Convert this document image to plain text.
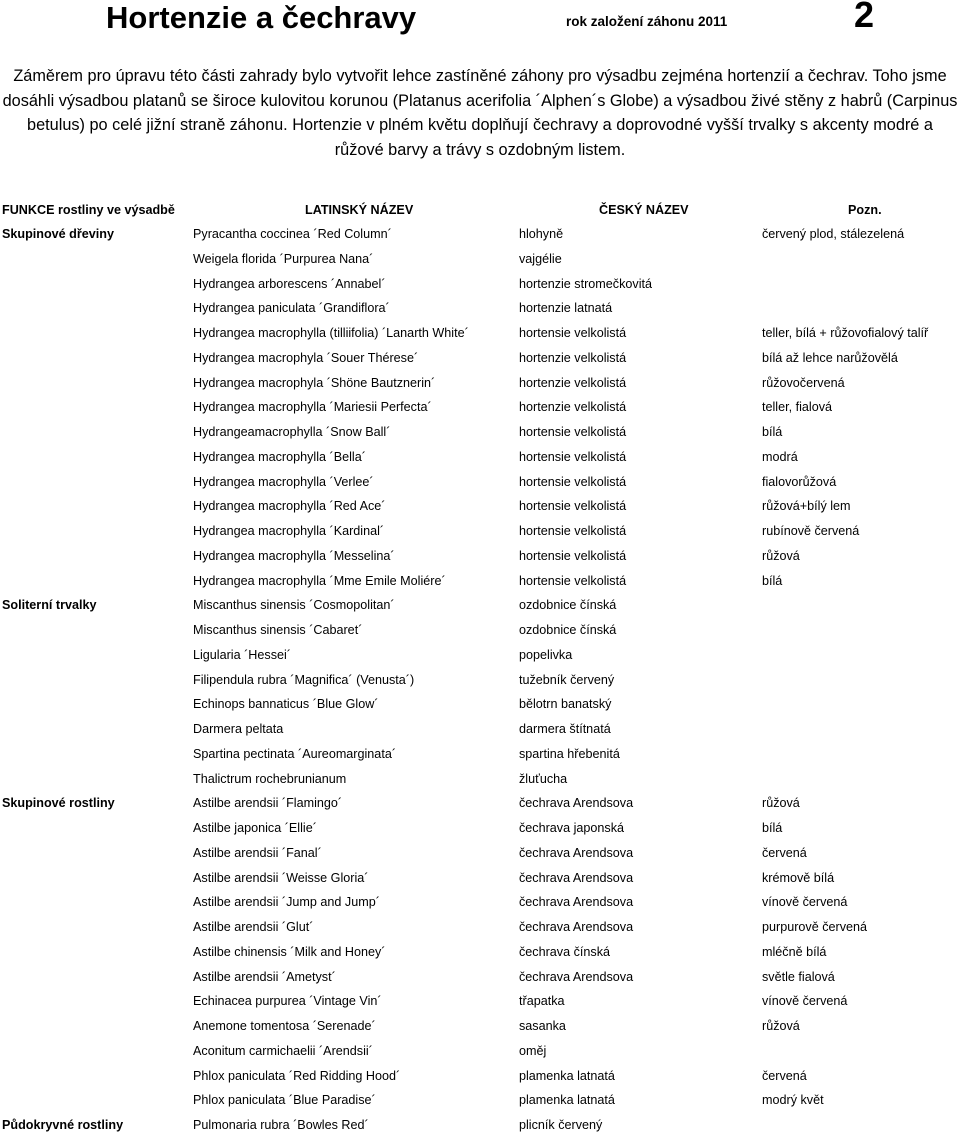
Hortenzie a čechravy	rok založení záhonu 2011	2
Záměrem pro úpravu této části zahrady bylo vytvořit lehce zastíněné záhony pro výsadbu zejména hortenzií a čechrav. Toho jsme
dosáhli výsadbou platanů se široce kulovitou korunou (Platanus acerifolia ´Alphen´s Globe) a výsadbou živé stěny z habrů (Carpinus
betulus) po celé jižní straně záhonu. Hortenzie v plném květu doplňují čechravy a doprovodné vyšší trvalky s akcenty modré a
růžové barvy a trávy s ozdobným listem.
FUNKCE rostliny ve výsadbě	LATINSKÝ NÁZEV	ČESKÝ NÁZEV	Pozn.
Skupinové dřeviny	Pyracantha coccinea ´Red Column´	hlohyně	červený plod, stálezelená
Weigela florida ´Purpurea Nana´	vajgélie
Hydrangea arborescens ´Annabel´	hortenzie stromečkovitá
Hydrangea paniculata ´Grandiflora´	hortenzie latnatá
Hydrangea macrophylla (tilliifolia) ´Lanarth White´	hortensie velkolistá	teller, bílá + růžovofialový talíř
Hydrangea macrophyla ´Souer Thérese´	hortenzie velkolistá	bílá až lehce narůžovělá
Hydrangea macrophyla ´Shöne Bautznerin´	hortenzie velkolistá	růžovočervená
Hydrangea macrophylla ´Mariesii Perfecta´	hortenzie velkolistá	teller, fialová
Hydrangeamacrophylla ´Snow Ball´	hortensie velkolistá	bílá
Hydrangea macrophylla ´Bella´	hortensie velkolistá	modrá
Hydrangea macrophylla ´Verlee´	hortensie velkolistá	fialovorůžová
Hydrangea macrophylla ´Red Ace´	hortensie velkolistá	růžová+bílý lem
Hydrangea macrophylla ´Kardinal´	hortensie velkolistá	rubínově červená
Hydrangea macrophylla ´Messelina´	hortensie velkolistá	růžová
Hydrangea macrophylla ´Mme Emile Moliére´	hortensie velkolistá	bílá
Soliterní trvalky	Miscanthus sinensis ´Cosmopolitan´	ozdobnice čínská
Miscanthus sinensis ´Cabaret´	ozdobnice čínská
Ligularia ´Hessei´	popelivka
Filipendula rubra ´Magnifica´ (Venusta´)	tužebník červený
Echinops bannaticus ´Blue Glow´	bělotrn banatský
Darmera peltata	darmera štítnatá
Spartina pectinata ´Aureomarginata´	spartina hřebenitá
Thalictrum rochebrunianum	žluťucha
Skupinové rostliny	Astilbe arendsii ´Flamingo´	čechrava Arendsova	růžová
Astilbe japonica ´Ellie´	čechrava japonská	bílá
Astilbe arendsii ´Fanal´	čechrava Arendsova	červená
Astilbe arendsii ´Weisse Gloria´	čechrava Arendsova	krémově bílá
Astilbe arendsii ´Jump and Jump´	čechrava Arendsova	vínově červená
Astilbe arendsii ´Glut´	čechrava Arendsova	purpurově červená
Astilbe chinensis ´Milk and Honey´	čechrava čínská	mléčně bílá
Astilbe arendsii ´Ametyst´	čechrava Arendsova	světle fialová
Echinacea purpurea ´Vintage Vin´	třapatka	vínově červená
Anemone tomentosa ´Serenade´	sasanka	růžová
Aconitum carmichaelii ´Arendsii´	oměj
Phlox paniculata ´Red Ridding Hood´	plamenka latnatá	červená
Phlox paniculata ´Blue Paradise´	plamenka latnatá	modrý květ
Půdokryvné rostliny	Pulmonaria rubra ´Bowles Red´	plicník červený
